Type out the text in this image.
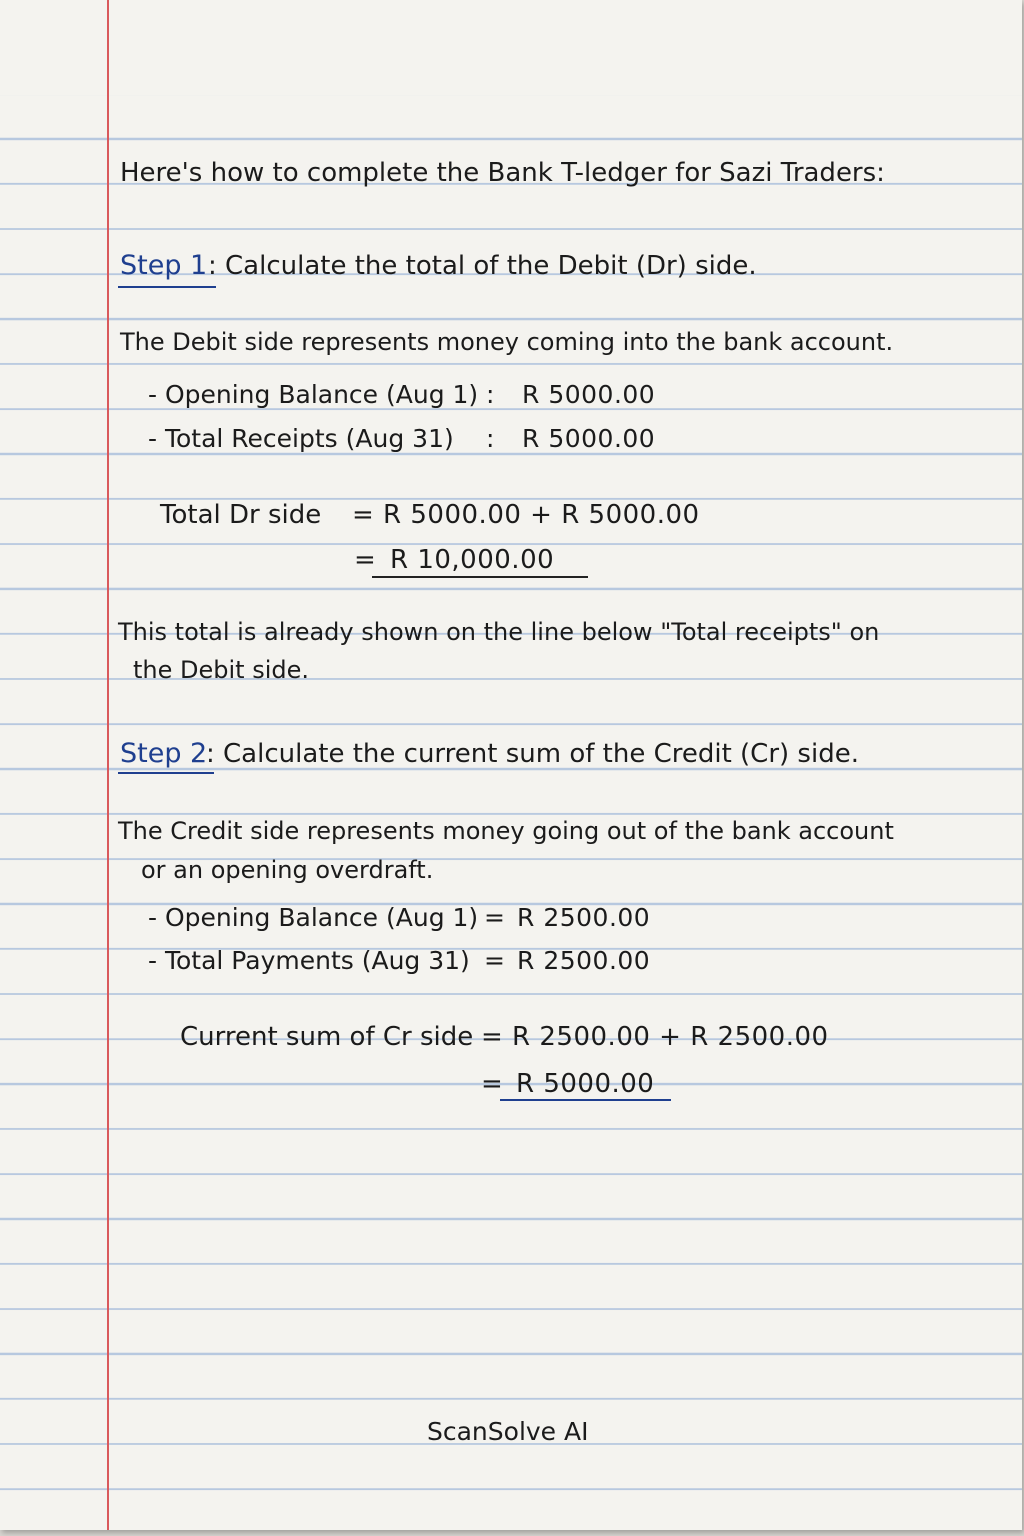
Here's how to complete the Bank T-ledger for Sazi Traders:
Step 1 : Calculate the total of the Debit (Dr) side.
The Debit side represents money coming into the bank account.
- Opening Balance (Aug 1) : R 5000.00
- Total Receipts (Aug 31) : R 5000.00
Total Dr side = R 5000.00 + R 5000.00
= R 10,000.00
This total is already shown on the line below "Total receipts" on
the Debit side.
Step 2
: Calculate the current sum of the Credit (Cr) side.
The Credit side represents money going out of the bank account
or an opening overdraft.
- Opening Balance (Aug 1) = R 2500.00
- Total Payments (Aug 31) = R 2500.00
Current sum of Cr side = R 2500.00 + R 2500.00
= R 5000.00
ScanSolve AI
